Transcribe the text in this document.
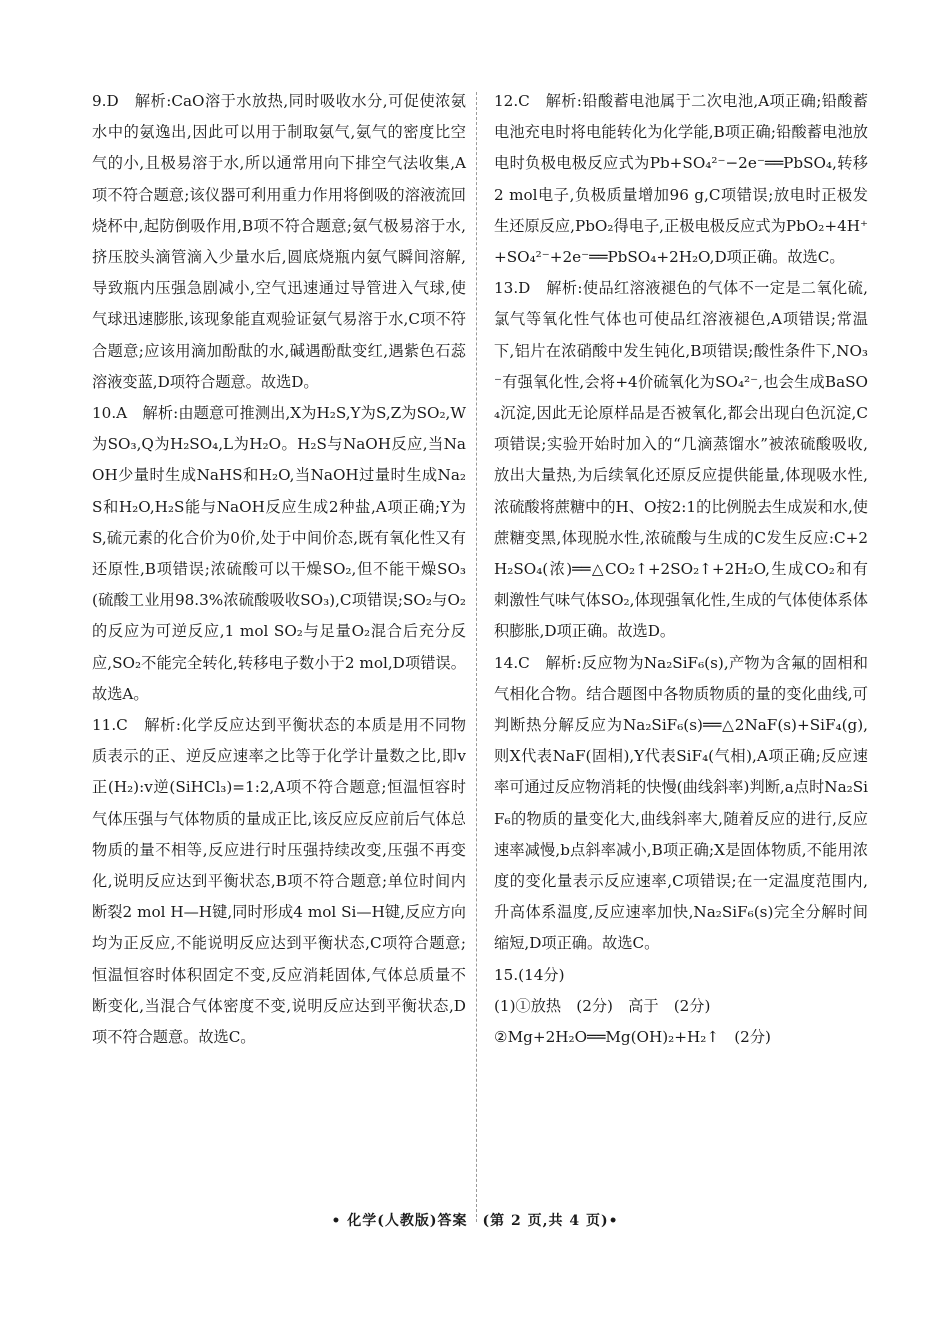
9.D　解析:CaO溶于水放热,同时吸收水分,可促使浓氨水中的氨逸出,因此可以用于制取氨气,氨气的密度比空气的小,且极易溶于水,所以通常用向下排空气法收集,A项不符合题意;该仪器可利用重力作用将倒吸的溶液流回烧杯中,起防倒吸作用,B项不符合题意;氨气极易溶于水,挤压胶头滴管滴入少量水后,圆底烧瓶内氨气瞬间溶解,导致瓶内压强急剧减小,空气迅速通过导管进入气球,使气球迅速膨胀,该现象能直观验证氨气易溶于水,C项不符合题意;应该用滴加酚酞的水,碱遇酚酞变红,遇紫色石蕊溶液变蓝,D项符合题意。故选D。

10.A　解析:由题意可推测出,X为H₂S,Y为S,Z为SO₂,W为SO₃,Q为H₂SO₄,L为H₂O。H₂S与NaOH反应,当NaOH少量时生成NaHS和H₂O,当NaOH过量时生成Na₂S和H₂O,H₂S能与NaOH反应生成2种盐,A项正确;Y为S,硫元素的化合价为0价,处于中间价态,既有氧化性又有还原性,B项错误;浓硫酸可以干燥SO₂,但不能干燥SO₃(硫酸工业用98.3%浓硫酸吸收SO₃),C项错误;SO₂与O₂的反应为可逆反应,1 mol SO₂与足量O₂混合后充分反应,SO₂不能完全转化,转移电子数小于2 mol,D项错误。故选A。

11.C　解析:化学反应达到平衡状态的本质是用不同物质表示的正、逆反应速率之比等于化学计量数之比,即v正(H₂):v逆(SiHCl₃)=1:2,A项不符合题意;恒温恒容时气体压强与气体物质的量成正比,该反应反应前后气体总物质的量不相等,反应进行时压强持续改变,压强不再变化,说明反应达到平衡状态,B项不符合题意;单位时间内断裂2 mol H—H键,同时形成4 mol Si—H键,反应方向均为正反应,不能说明反应达到平衡状态,C项符合题意;恒温恒容时体积固定不变,反应消耗固体,气体总质量不断变化,当混合气体密度不变,说明反应达到平衡状态,D项不符合题意。故选C。

12.C　解析:铅酸蓄电池属于二次电池,A项正确;铅酸蓄电池充电时将电能转化为化学能,B项正确;铅酸蓄电池放电时负极电极反应式为Pb+SO₄²⁻−2e⁻══PbSO₄,转移2 mol电子,负极质量增加96 g,C项错误;放电时正极发生还原反应,PbO₂得电子,正极电极反应式为PbO₂+4H⁺+SO₄²⁻+2e⁻══PbSO₄+2H₂O,D项正确。故选C。

13.D　解析:使品红溶液褪色的气体不一定是二氧化硫,氯气等氧化性气体也可使品红溶液褪色,A项错误;常温下,铝片在浓硝酸中发生钝化,B项错误;酸性条件下,NO₃⁻有强氧化性,会将+4价硫氧化为SO₄²⁻,也会生成BaSO₄沉淀,因此无论原样品是否被氧化,都会出现白色沉淀,C项错误;实验开始时加入的“几滴蒸馏水”被浓硫酸吸收,放出大量热,为后续氧化还原反应提供能量,体现吸水性,浓硫酸将蔗糖中的H、O按2:1的比例脱去生成炭和水,使蔗糖变黑,体现脱水性,浓硫酸与生成的C发生反应:C+2H₂SO₄(浓)══△CO₂↑+2SO₂↑+2H₂O,生成CO₂和有刺激性气味气体SO₂,体现强氧化性,生成的气体使体系体积膨胀,D项正确。故选D。

14.C　解析:反应物为Na₂SiF₆(s),产物为含氟的固相和气相化合物。结合题图中各物质物质的量的变化曲线,可判断热分解反应为Na₂SiF₆(s)══△2NaF(s)+SiF₄(g),则X代表NaF(固相),Y代表SiF₄(气相),A项正确;反应速率可通过反应物消耗的快慢(曲线斜率)判断,a点时Na₂SiF₆的物质的量变化大,曲线斜率大,随着反应的进行,反应速率减慢,b点斜率减小,B项正确;X是固体物质,不能用浓度的变化量表示反应速率,C项错误;在一定温度范围内,升高体系温度,反应速率加快,Na₂SiF₆(s)完全分解时间缩短,D项正确。故选C。

15.(14分)

(1)①放热　(2分)　高于　(2分)

②Mg+2H₂O══Mg(OH)₂+H₂↑　(2分)

• 化学(人教版)答案　(第 2 页,共 4 页)•
